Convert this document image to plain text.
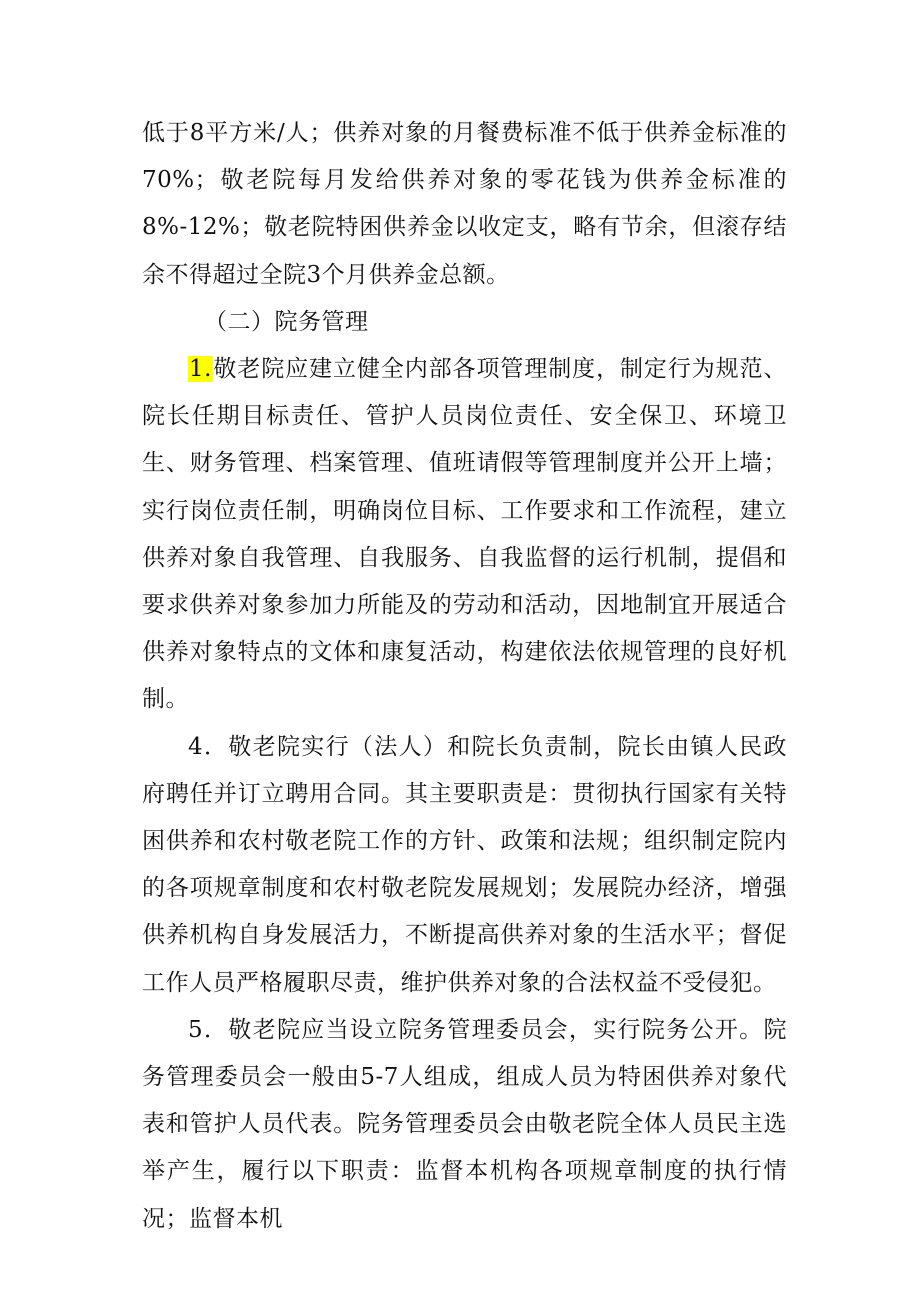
低于8平方米/人；供养对象的月餐费标准不低于供养金标准的70%；敬老院每月发给供养对象的零花钱为供养金标准的8%-12%；敬老院特困供养金以收定支，略有节余，但滚存结余不得超过全院3个月供养金总额。

（二）院务管理

1.敬老院应建立健全内部各项管理制度，制定行为规范、院长任期目标责任、管护人员岗位责任、安全保卫、环境卫生、财务管理、档案管理、值班请假等管理制度并公开上墙；实行岗位责任制，明确岗位目标、工作要求和工作流程，建立供养对象自我管理、自我服务、自我监督的运行机制，提倡和要求供养对象参加力所能及的劳动和活动，因地制宜开展适合供养对象特点的文体和康复活动，构建依法依规管理的良好机制。

4．敬老院实行（法人）和院长负责制，院长由镇人民政府聘任并订立聘用合同。其主要职责是：贯彻执行国家有关特困供养和农村敬老院工作的方针、政策和法规；组织制定院内的各项规章制度和农村敬老院发展规划；发展院办经济，增强供养机构自身发展活力，不断提高供养对象的生活水平；督促工作人员严格履职尽责，维护供养对象的合法权益不受侵犯。

5．敬老院应当设立院务管理委员会，实行院务公开。院务管理委员会一般由5-7人组成，组成人员为特困供养对象代表和管护人员代表。院务管理委员会由敬老院全体人员民主选举产生，履行以下职责：监督本机构各项规章制度的执行情况；监督本机
